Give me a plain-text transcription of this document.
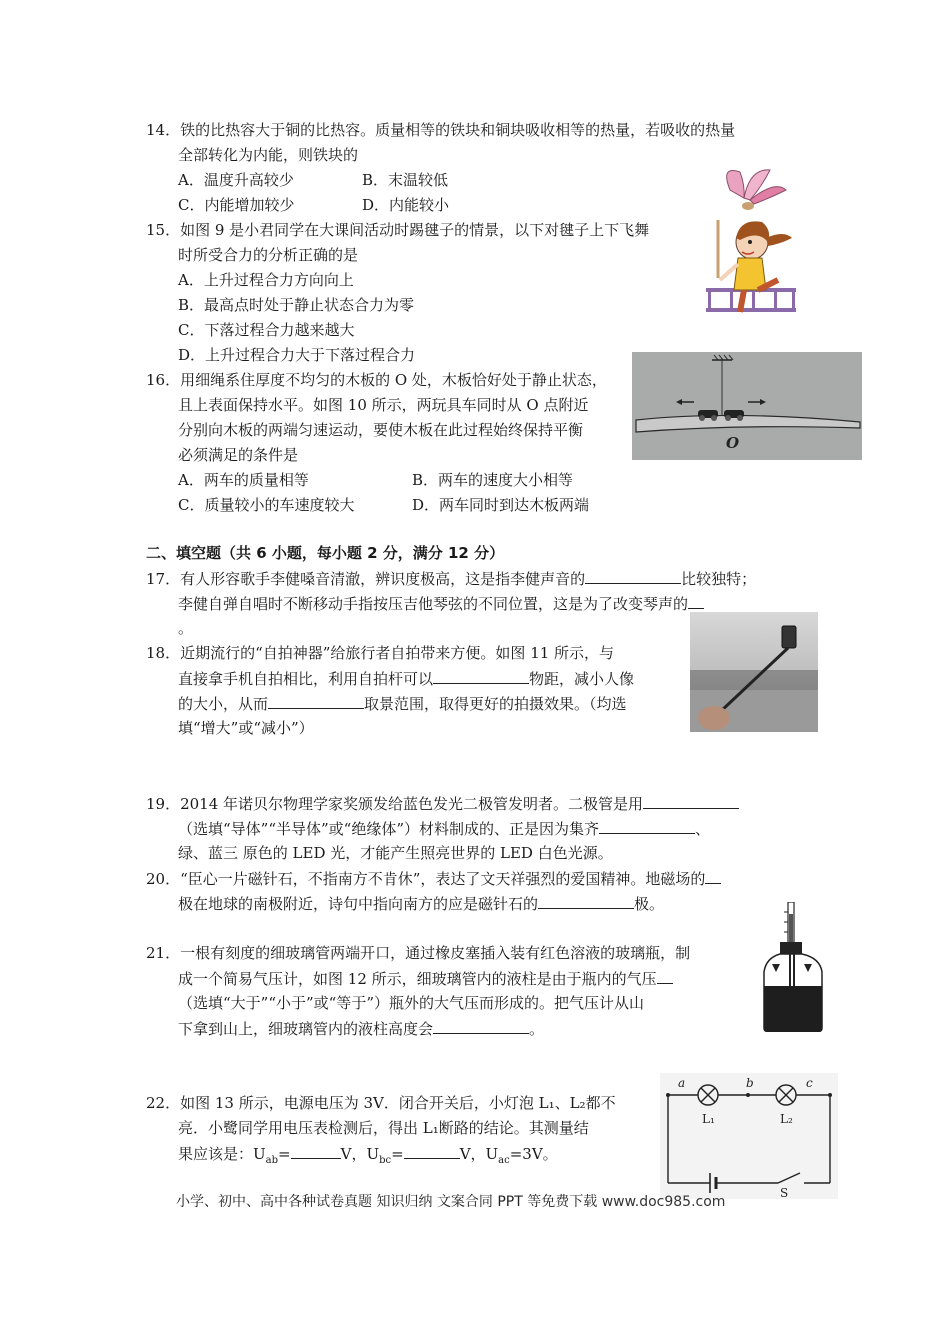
14．铁的比热容大于铜的比热容。质量相等的铁块和铜块吸收相等的热量，若吸收的热量
全部转化为内能，则铁块的
A．温度升高较少	B．末温较低
C．内能增加较少	D．内能较小
15．如图 9 是小君同学在大课间活动时踢毽子的情景，以下对毽子上下飞舞
时所受合力的分析正确的是
A．上升过程合力方向向上
B．最高点时处于静止状态合力为零
C．下落过程合力越来越大
D．上升过程合力大于下落过程合力
16．用细绳系住厚度不均匀的木板的 O 处，木板恰好处于静止状态，
且上表面保持水平。如图 10 所示，两玩具车同时从 O 点附近
分别向木板的两端匀速运动，要使木板在此过程始终保持平衡
必须满足的条件是
A．两车的质量相等	B．两车的速度大小相等
C．质量较小的车速度较大	D．两车同时到达木板两端
O
二、填空题（共 6 小题，每小题 2 分，满分 12 分）
17．有人形容歌手李健嗓音清澈，辨识度极高，这是指李健声音的	比较独特；
李健自弹自唱时不断移动手指按压吉他琴弦的不同位置，这是为了改变琴声的
。
18．近期流行的“自拍神器”给旅行者自拍带来方便。如图 11 所示，与
直接拿手机自拍相比，利用自拍杆可以	物距，减小人像
的大小，从而	取景范围，取得更好的拍摄效果。（均选
填“增大”或“减小”）
19．2014 年诺贝尔物理学家奖颁发给蓝色发光二极管发明者。二极管是用
（选填“导体”“半导体”或“绝缘体”）材料制成的、正是因为集齐	、
绿、蓝三 原色的 LED 光，才能产生照亮世界的 LED 白色光源。
20．“臣心一片磁针石，不指南方不肯休”，表达了文天祥强烈的爱国精神。地磁场的
极在地球的南极附近，诗句中指向南方的应是磁针石的	极。
21．一根有刻度的细玻璃管两端开口，通过橡皮塞插入装有红色溶液的玻璃瓶，制
成一个简易气压计，如图 12 所示，细玻璃管内的液柱是由于瓶内的气压
（选填“大于”“小于”或“等于”）瓶外的大气压而形成的。把气压计从山
下拿到山上，细玻璃管内的液柱高度会	。
22．如图 13 所示，电源电压为 3V．闭合开关后，小灯泡 L₁、L₂都不
亮．小鹭同学用电压表检测后，得出 L₁断路的结论。其测量结
果应该是：$U_{ab}=$	V，$U_{bc}=$	V，$U_{ac}=3V$。
a	b	c
L₁	L₂
S
小学、初中、高中各种试卷真题 知识归纳 文案合同 PPT 等免费下载 www.doc985.com
